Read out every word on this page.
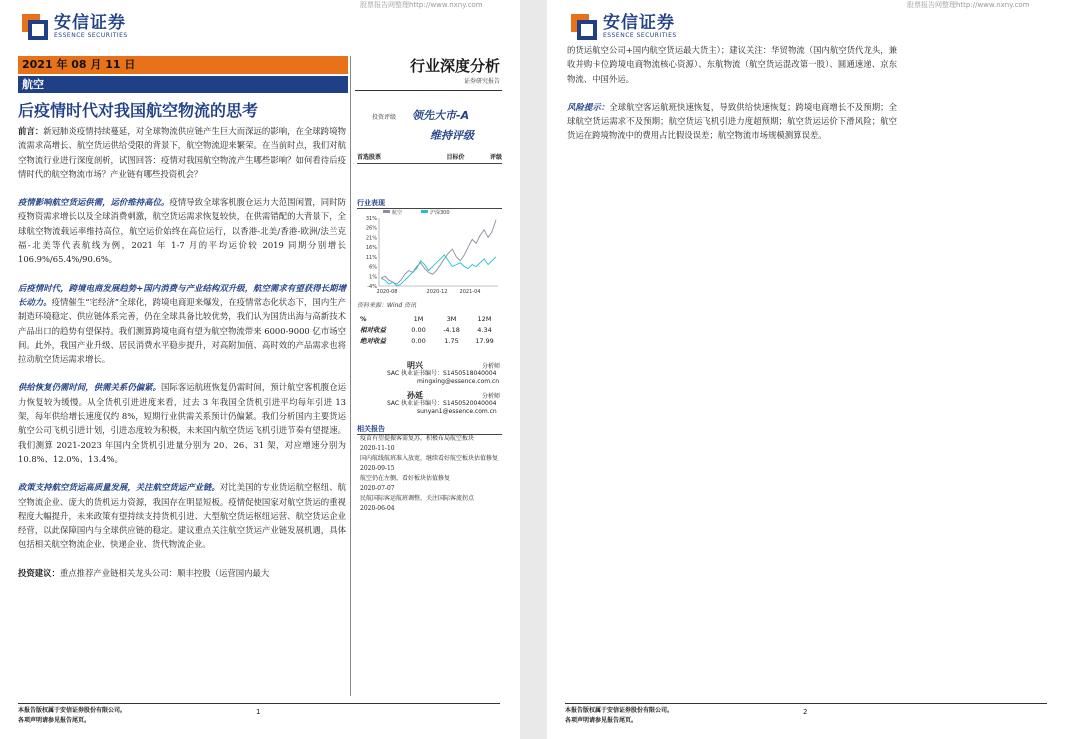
股票报告网整理http://www.nxny.com
安信证券
ESSENCE SECURITIES
2021 年 08 月 11 日
航空
行业深度分析
证券研究报告
后疫情时代对我国航空物流的思考

前言：新冠肺炎疫情持续蔓延，对全球物流供应链产生巨大而深远的影响，在全球跨境物流需求高增长、航空货运供给受限的背景下，航空物流迎来繁荣。在当前时点，我们对航空物流行业进行深度剖析，试图回答：疫情对我国航空物流产生哪些影响？如何看待后疫情时代的航空物流市场？产业链有哪些投资机会？

疫情影响航空货运供需，运价维持高位。疫情导致全球客机腹仓运力大范围闲置，同时防疫物资需求增长以及全球消费刺激，航空货运需求恢复较快，在供需错配的大背景下，全球航空物流载运率维持高位，航空运价始终在高位运行，以香港-北美/香港-欧洲/法兰克福-北美等代表航线为例，2021 年 1-7 月的平均运价较 2019 同期分别增长106.9%/65.4%/90.6%。

后疫情时代，跨境电商发展趋势+国内消费与产业结构双升级，航空需求有望获得长期增长动力。疫情催生“宅经济”全球化，跨境电商迎来爆发，在疫情常态化状态下，国内生产制造环境稳定、供应链体系完善，仍在全球具备比较优势，我们认为国货出海与高新技术产品出口的趋势有望保持。我们测算跨境电商有望为航空物流带来 6000-9000 亿市场空间。此外，我国产业升级、居民消费水平稳步提升，对高附加值、高时效的产品需求也将拉动航空货运需求增长。

供给恢复仍需时间，供需关系仍偏紧。国际客运航班恢复仍需时间，预计航空客机腹仓运力恢复较为缓慢。从全货机引进进度来看，过去 3 年我国全货机引进平均每年引进 13 架，每年供给增长速度仅约 8%，短期行业供需关系预计仍偏紧。我们分析国内主要货运航空公司飞机引进计划，引进态度较为积极，未来国内航空货运飞机引进节奏有望提速。我们测算 2021-2023 年国内全货机引进量分别为 20、26、31 架，对应增速分别为 10.8%、12.0%、13.4%。

政策支持航空货运高质量发展，关注航空货运产业链。对比美国的专业货运航空枢纽、航空物流企业、庞大的货机运力资源，我国存在明显短板。疫情促使国家对航空货运的重视程度大幅提升，未来政策有望持续支持货机引进、大型航空货运枢纽运营、航空货运企业经营，以此保障国内与全球供应链的稳定。建议重点关注航空货运产业链发展机遇，具体包括相关航空物流企业、快递企业、货代物流企业。

投资建议：重点推荐产业链相关龙头公司：顺丰控股（运营国内最大

投资评级	领先大市-A
维持评级
首选股票	目标价	评级
行业表现
31%
26%
21%
16%
11%
6%
1%
-4%
2020-08	2020-12 2021-04
航空	沪深300
资料来源：Wind 资讯
%	1M	3M	12M
相对收益	0.00	-4.18	4.34
绝对收益	0.00	1.75	17.99
明兴	分析师
SAC 执业证书编号：S1450518040004
mingxing@essence.com.cn
孙延	分析师
SAC 执业证书编号：S1450520040004
sunyan1@essence.com.cn
相关报告
疫苗有望提振客需复苏，积极布局航空板块
2020-11-10
国内航线航班准入放宽，继续看好航空板块估值修复
2020-09-15
航空仍在左侧，看好板块估值修复
2020-07-07
民航国际客运航班调整，关注国际客流拐点
2020-06-04
本报告版权属于安信证券股份有限公司。
各项声明请参见报告尾页。
1
股票报告网整理http://www.nxny.com
安信证券
ESSENCE SECURITIES

的货运航空公司+国内航空货运最大货主）；建议关注：华贸物流（国内航空货代龙头，兼收并购卡位跨境电商物流核心资源）、东航物流（航空货运混改第一股）、圆通速递、京东物流、中国外运。

风险提示：全球航空客运航班快速恢复，导致供给快速恢复；跨境电商增长不及预期；全球航空货运需求不及预期；航空货运飞机引进力度超预期；航空货运运价下滑风险；航空货运在跨境物流中的费用占比假设误差；航空物流市场规模测算误差。

本报告版权属于安信证券股份有限公司。
各项声明请参见报告尾页。
2
